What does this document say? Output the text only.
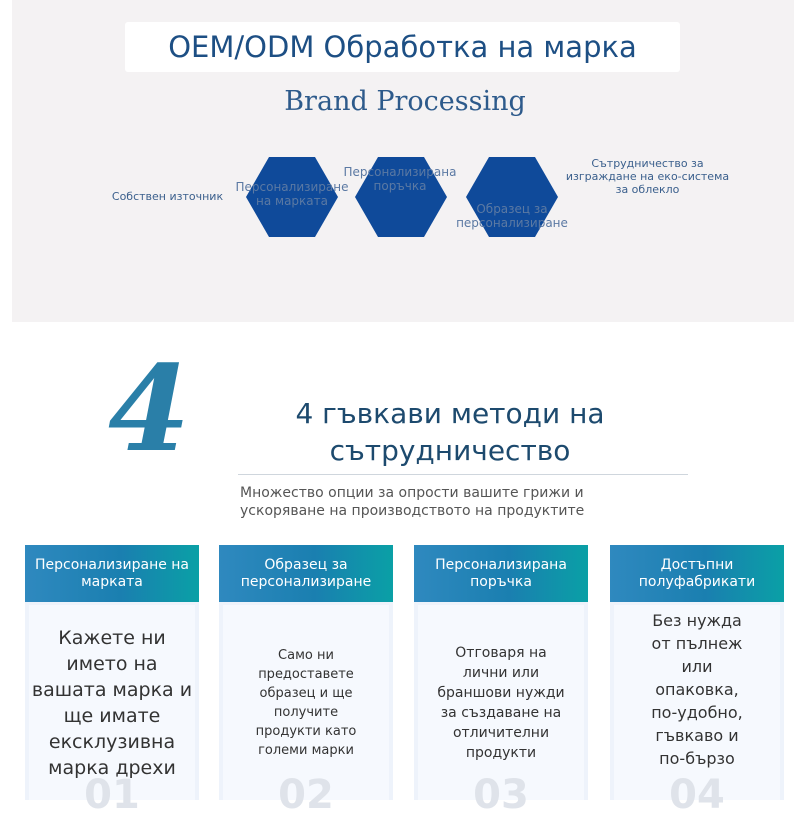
OEM/ODM Обработка на марка
Brand Processing
Собствен източник
Персонализиране на марката
Персонализирана поръчка
Образец за персонализиране
Сътрудничество за изграждане на еко-система за облекло
4	4 гъвкави методи на сътрудничество
Множество опции за опрости вашите грижи и ускоряване на производството на продуктите
Персонализиране на марката
Кажете ни името на вашата марка и ще имате ексклузивна марка дрехи
01
Образец за персонализиране
Само ни предоставете образец и ще получите продукти като големи марки
02
Персонализирана поръчка
Отговаря на лични или браншови нужди за създаване на отличителни продукти
03
Достъпни полуфабрикати
Без нужда от пълнеж или опаковка, по-удобно, гъвкаво и по-бързо
04
